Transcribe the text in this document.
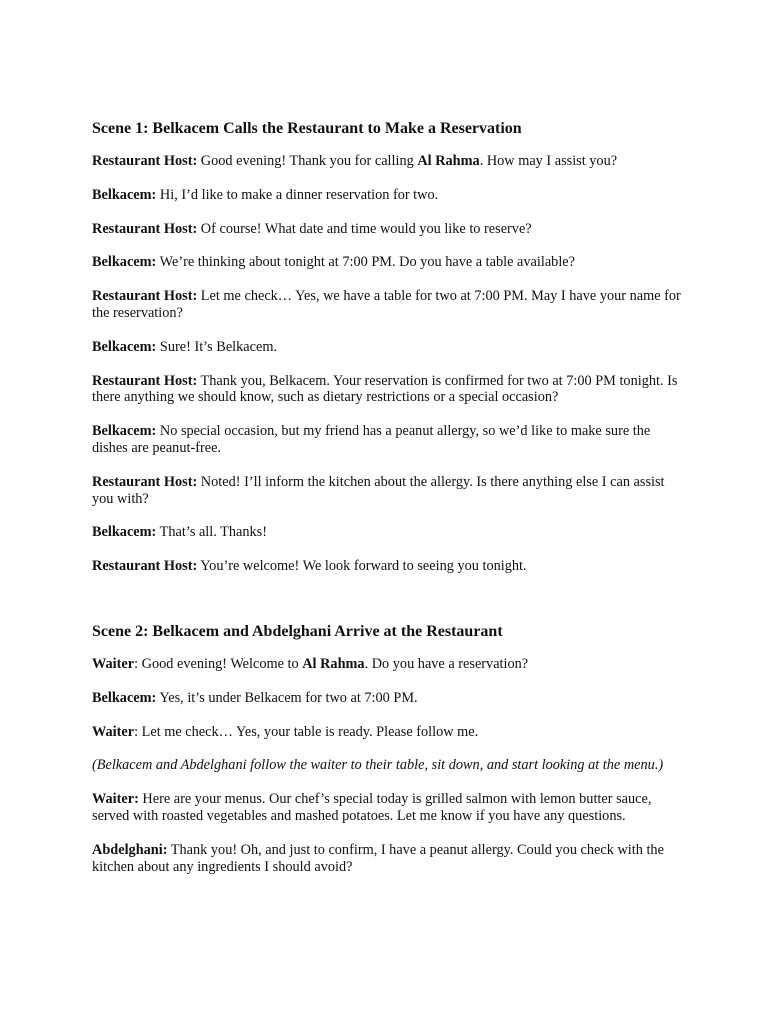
Scene 1: Belkacem Calls the Restaurant to Make a Reservation

Restaurant Host: Good evening! Thank you for calling Al Rahma. How may I assist you?

Belkacem: Hi, I’d like to make a dinner reservation for two.

Restaurant Host: Of course! What date and time would you like to reserve?

Belkacem: We’re thinking about tonight at 7:00 PM. Do you have a table available?

Restaurant Host: Let me check… Yes, we have a table for two at 7:00 PM. May I have your name for the reservation?

Belkacem: Sure! It’s Belkacem.

Restaurant Host: Thank you, Belkacem. Your reservation is confirmed for two at 7:00 PM tonight. Is there anything we should know, such as dietary restrictions or a special occasion?

Belkacem: No special occasion, but my friend has a peanut allergy, so we’d like to make sure the dishes are peanut-free.

Restaurant Host: Noted! I’ll inform the kitchen about the allergy. Is there anything else I can assist you with?

Belkacem: That’s all. Thanks!

Restaurant Host: You’re welcome! We look forward to seeing you tonight.

Scene 2: Belkacem and Abdelghani Arrive at the Restaurant

Waiter: Good evening! Welcome to Al Rahma. Do you have a reservation?

Belkacem: Yes, it’s under Belkacem for two at 7:00 PM.

Waiter: Let me check… Yes, your table is ready. Please follow me.

(Belkacem and Abdelghani follow the waiter to their table, sit down, and start looking at the menu.)

Waiter: Here are your menus. Our chef’s special today is grilled salmon with lemon butter sauce, served with roasted vegetables and mashed potatoes. Let me know if you have any questions.

Abdelghani: Thank you! Oh, and just to confirm, I have a peanut allergy. Could you check with the kitchen about any ingredients I should avoid?
